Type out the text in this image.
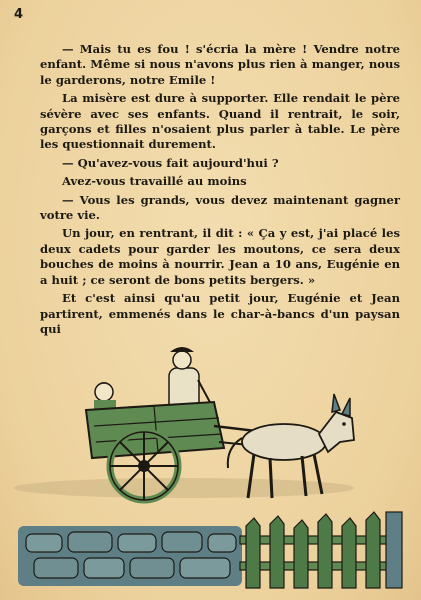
4

— Mais tu es fou ! s'écria la mère ! Vendre notre enfant. Même si nous n'avons plus rien à manger, nous le garderons, notre Emile !

La misère est dure à supporter. Elle rendait le père sévère avec ses enfants. Quand il rentrait, le soir, garçons et filles n'osaient plus parler à table. Le père les questionnait durement.

— Qu'avez-vous fait aujourd'hui ?

Avez-vous travaillé au moins

— Vous les grands, vous devez maintenant gagner votre vie.

Un jour, en rentrant, il dit : « Ça y est, j'ai placé les deux cadets pour garder les moutons, ce sera deux bouches de moins à nourrir. Jean a 10 ans, Eugénie en a huit ; ce seront de bons petits bergers. »

Et c'est ainsi qu'au petit jour, Eugénie et Jean partirent, emmenés dans le char-à-bancs d'un paysan qui
